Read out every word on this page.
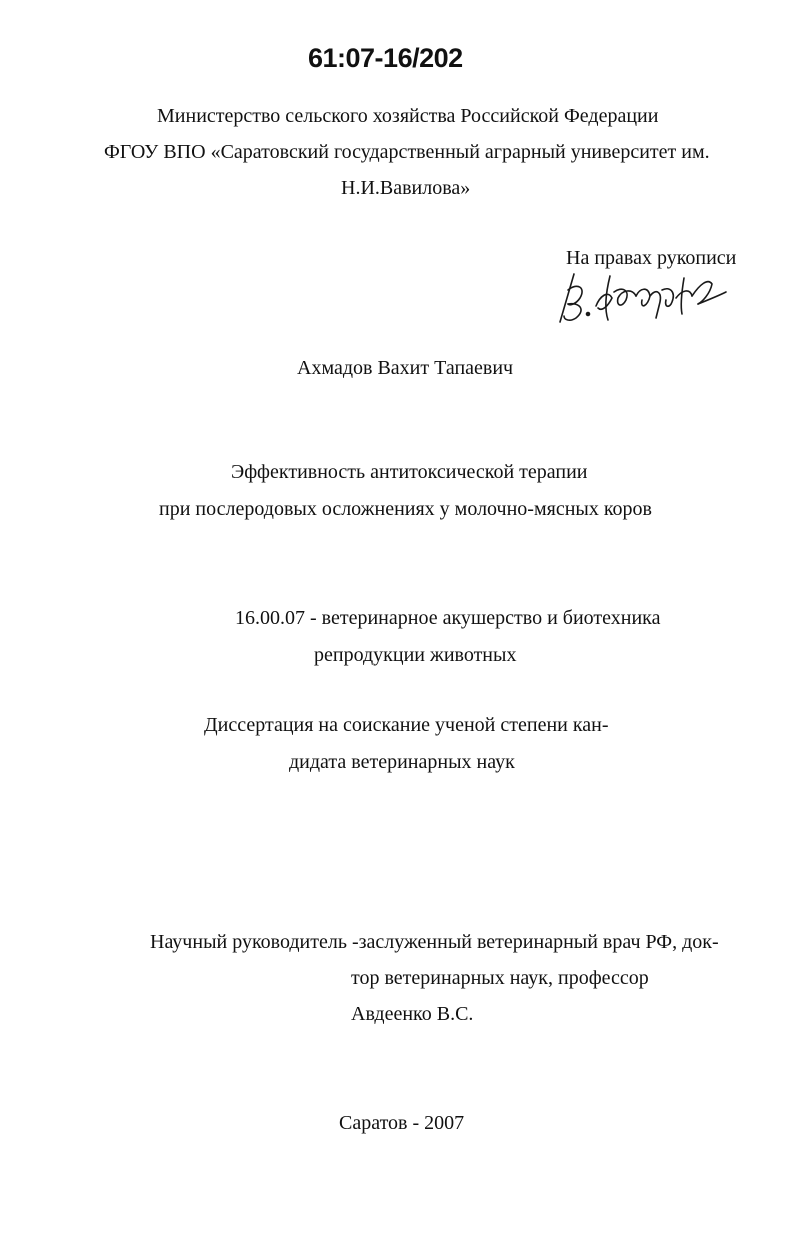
61:07-16/202
Министерство сельского хозяйства Российской Федерации
ФГОУ ВПО «Саратовский государственный аграрный университет им.
Н.И.Вавилова»
На правах рукописи
Ахмадов Вахит Тапаевич
Эффективность антитоксической терапии
при послеродовых осложнениях у молочно-мясных коров
16.00.07 - ветеринарное акушерство и биотехника
репродукции животных
Диссертация на соискание ученой степени кан-
дидата ветеринарных наук
Научный руководитель -заслуженный ветеринарный врач РФ, док-
тор ветеринарных наук, профессор
Авдеенко В.С.
Саратов - 2007
